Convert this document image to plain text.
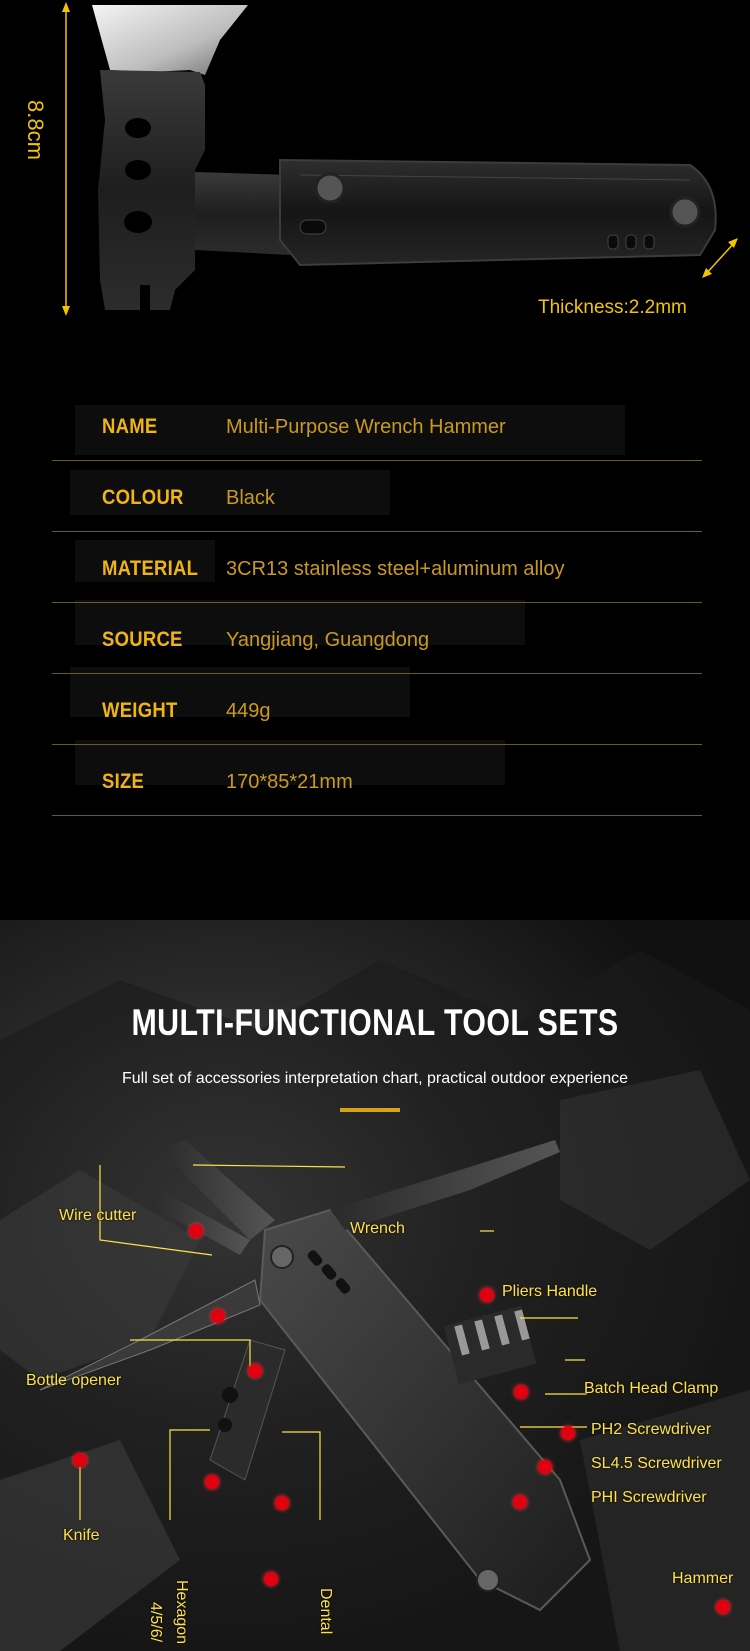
8.8cm
Thickness:2.2mm
NAME	Multi-Purpose Wrench Hammer
COLOUR Black
MATERIAL 3CR13 stainless steel+aluminum alloy
SOURCE Yangjiang, Guangdong
WEIGHT 449g
SIZE	170*85*21mm
MULTI-FUNCTIONAL TOOL SETS
Full set of accessories interpretation chart, practical outdoor experience
Wire cutter
Wrench
Pliers Handle
Bottle opener	Batch Head Clamp
PH2 Screwdriver
SL4.5 Screwdriver
PHI Screwdriver
Knife
Hammer
Hexagon
4/5/6/	Dental
